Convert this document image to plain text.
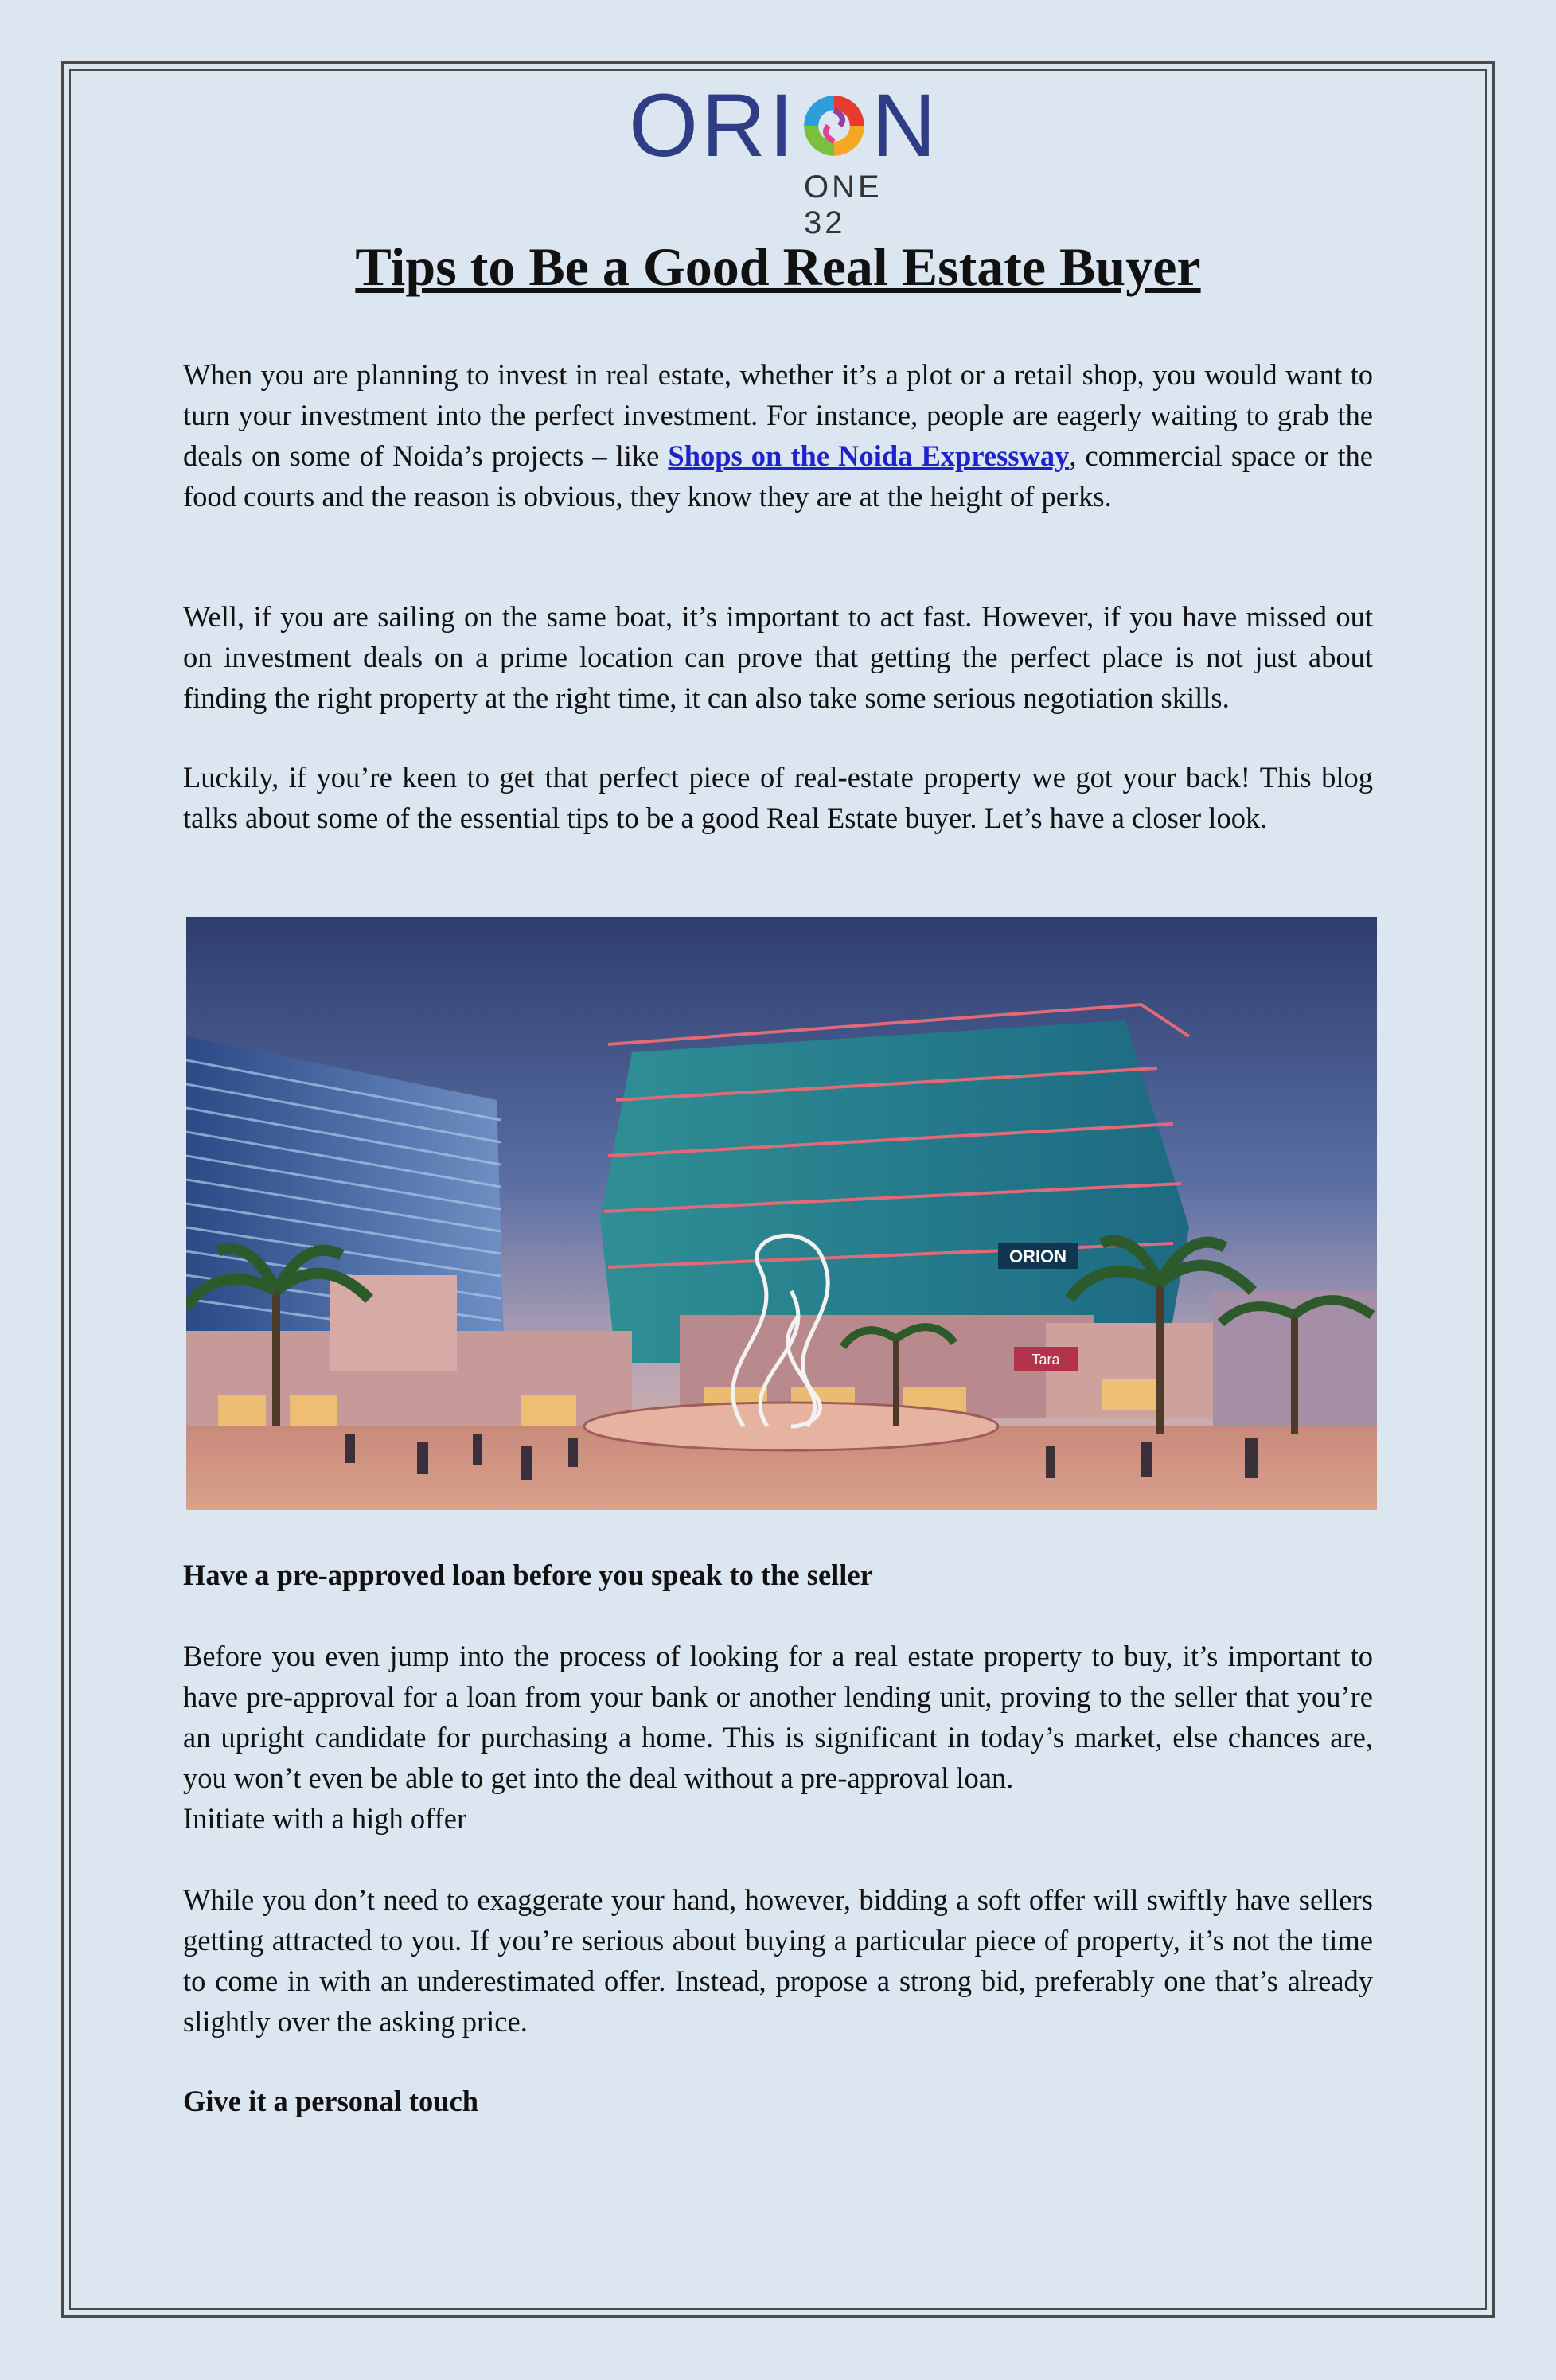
OR I N
ONE 32
Tips to Be a Good Real Estate Buyer

When you are planning to invest in real estate, whether it’s a plot or a retail shop, you would want to turn your investment into the perfect investment. For instance, people are eagerly waiting to grab the deals on some of Noida’s projects – like Shops on the Noida Expressway, commercial space or the food courts and the reason is obvious, they know they are at the height of perks.

Well, if you are sailing on the same boat, it’s important to act fast. However, if you have missed out on investment deals on a prime location can prove that getting the perfect place is not just about finding the right property at the right time, it can also take some serious negotiation skills.

Luckily, if you’re keen to get that perfect piece of real-estate property we got your back! This blog talks about some of the essential tips to be a good Real Estate buyer. Let’s have a closer look.

ORION
Tara
Have a pre-approved loan before you speak to the seller

Before you even jump into the process of looking for a real estate property to buy, it’s important to have pre-approval for a loan from your bank or another lending unit, proving to the seller that you’re an upright candidate for purchasing a home. This is significant in today’s market, else chances are, you won’t even be able to get into the deal without a pre-approval loan.

Initiate with a high offer

While you don’t need to exaggerate your hand, however, bidding a soft offer will swiftly have sellers getting attracted to you. If you’re serious about buying a particular piece of property, it’s not the time to come in with an underestimated offer. Instead, propose a strong bid, preferably one that’s already slightly over the asking price.

Give it a personal touch
